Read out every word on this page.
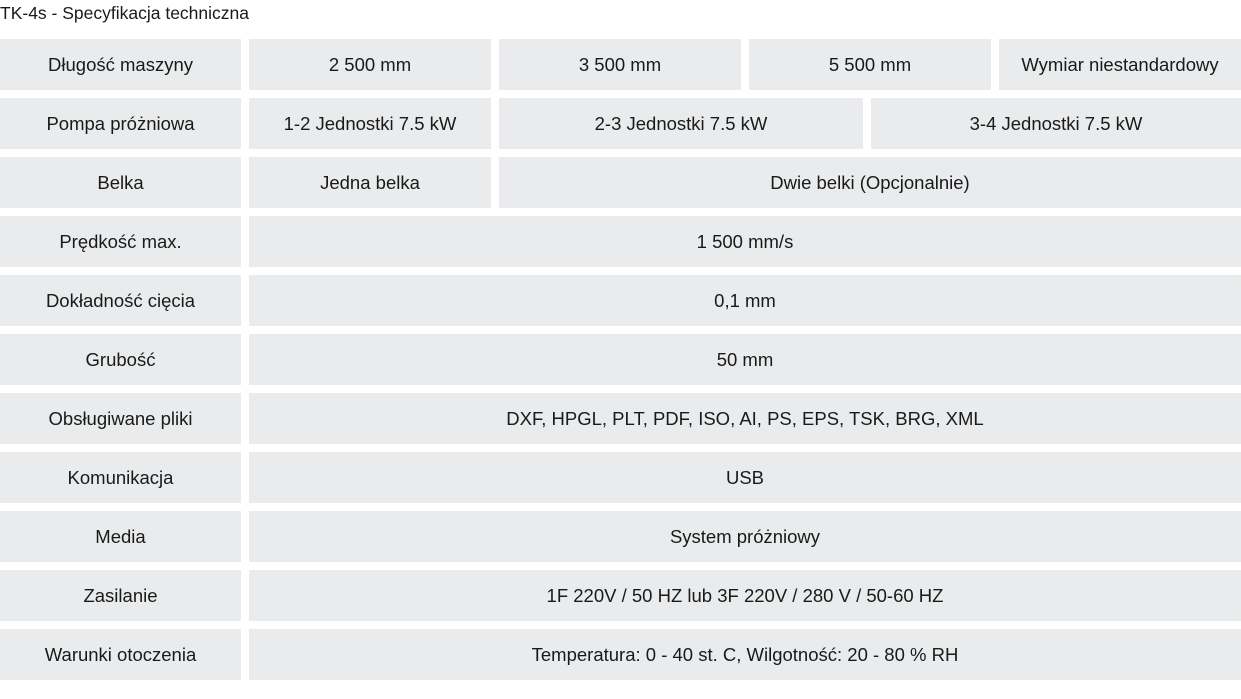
TK-4s - Specyfikacja techniczna
Długość maszyny	2 500 mm	3 500 mm	5 500 mm	Wymiar niestandardowy
Pompa próżniowa	1-2 Jednostki 7.5 kW	2-3 Jednostki 7.5 kW	3-4 Jednostki 7.5 kW
Belka	Jedna belka	Dwie belki (Opcjonalnie)
Prędkość max.	1 500 mm/s
Dokładność cięcia	0,1 mm
Grubość	50 mm
Obsługiwane pliki	DXF, HPGL, PLT, PDF, ISO, AI, PS, EPS, TSK, BRG, XML
Komunikacja	USB
Media	System próżniowy
Zasilanie	1F 220V / 50 HZ lub 3F 220V / 280 V / 50-60 HZ
Warunki otoczenia	Temperatura: 0 - 40 st. C, Wilgotność: 20 - 80 % RH
